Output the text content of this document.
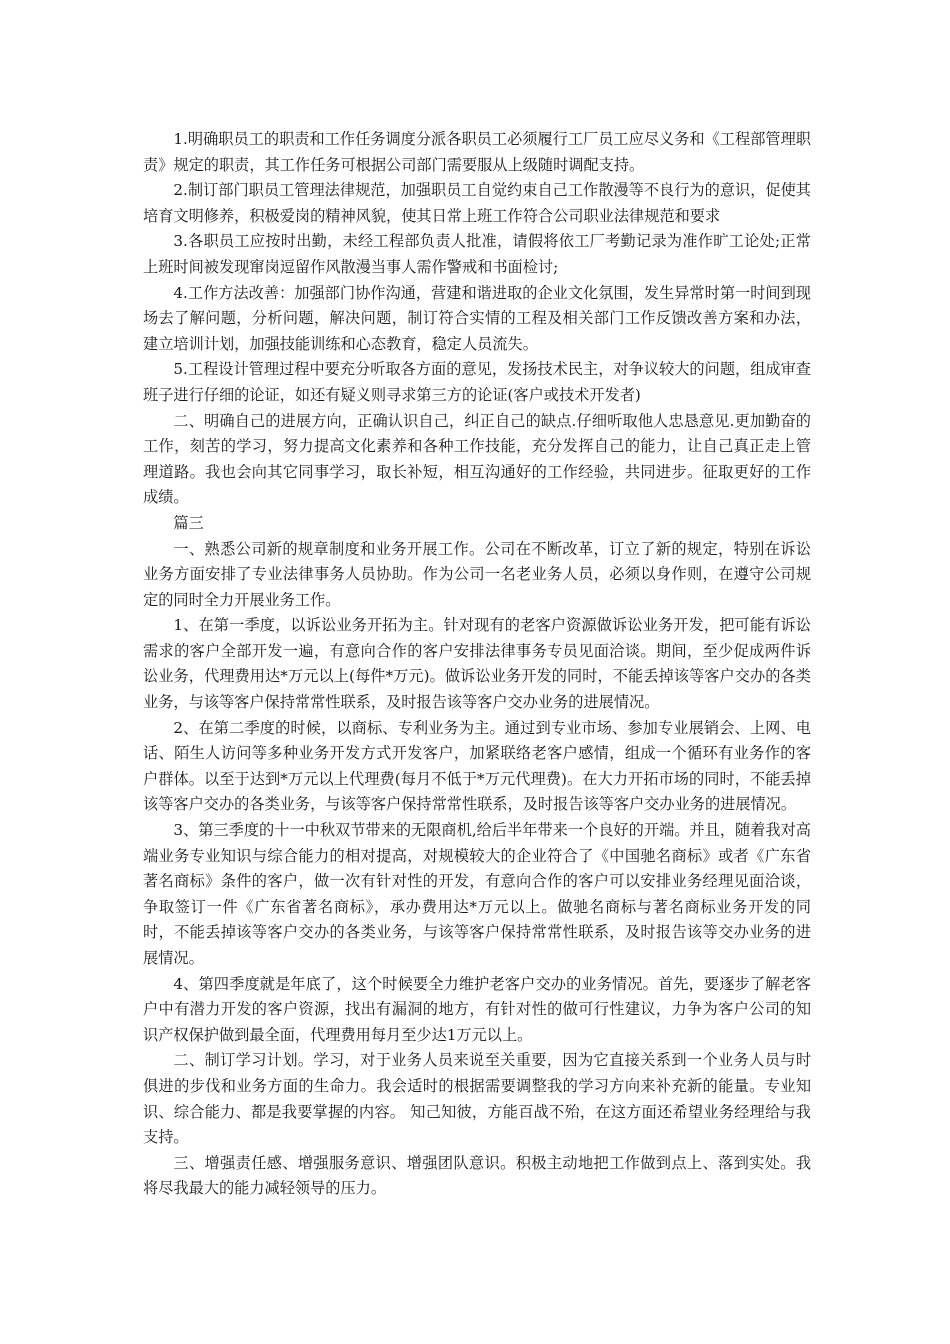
1.明确职员工的职责和工作任务调度分派各职员工必须履行工厂员工应尽义务和《工程部管理职责》规定的职责，其工作任务可根据公司部门需要服从上级随时调配支持。

2.制订部门职员工管理法律规范，加强职员工自觉约束自己工作散漫等不良行为的意识，促使其培育文明修养，积极爱岗的精神风貌，使其日常上班工作符合公司职业法律规范和要求

3.各职员工应按时出勤，未经工程部负责人批准，请假将依工厂考勤记录为准作旷工论处;正常上班时间被发现窜岗逗留作风散漫当事人需作警戒和书面检讨;

4.工作方法改善：加强部门协作沟通，营建和谐进取的企业文化氛围，发生异常时第一时间到现场去了解问题，分析问题，解决问题，制订符合实情的工程及相关部门工作反馈改善方案和办法，建立培训计划，加强技能训练和心态教育，稳定人员流失。

5.工程设计管理过程中要充分听取各方面的意见，发扬技术民主，对争议较大的问题，组成审查班子进行仔细的论证，如还有疑义则寻求第三方的论证(客户或技术开发者)

二、明确自己的进展方向，正确认识自己，纠正自己的缺点.仔细听取他人忠恳意见.更加勤奋的工作，刻苦的学习，努力提高文化素养和各种工作技能，充分发挥自己的能力，让自己真正走上管理道路。我也会向其它同事学习，取长补短，相互沟通好的工作经验，共同进步。征取更好的工作成绩。

篇三

一、熟悉公司新的规章制度和业务开展工作。公司在不断改革，订立了新的规定，特别在诉讼业务方面安排了专业法律事务人员协助。作为公司一名老业务人员，必须以身作则，在遵守公司规定的同时全力开展业务工作。

1、在第一季度，以诉讼业务开拓为主。针对现有的老客户资源做诉讼业务开发，把可能有诉讼需求的客户全部开发一遍，有意向合作的客户安排法律事务专员见面洽谈。期间，至少促成两件诉讼业务，代理费用达*万元以上(每件*万元)。做诉讼业务开发的同时，不能丢掉该等客户交办的各类业务，与该等客户保持常常性联系，及时报告该等客户交办业务的进展情况。

2、在第二季度的时候，以商标、专利业务为主。通过到专业市场、参加专业展销会、上网、电话、陌生人访问等多种业务开发方式开发客户，加紧联络老客户感情，组成一个循环有业务作的客户群体。以至于达到*万元以上代理费(每月不低于*万元代理费)。在大力开拓市场的同时，不能丢掉该等客户交办的各类业务，与该等客户保持常常性联系，及时报告该等客户交办业务的进展情况。

3、第三季度的十一中秋双节带来的无限商机,给后半年带来一个良好的开端。并且，随着我对高端业务专业知识与综合能力的相对提高，对规模较大的企业符合了《中国驰名商标》或者《广东省著名商标》条件的客户，做一次有针对性的开发，有意向合作的客户可以安排业务经理见面洽谈，争取签订一件《广东省著名商标》，承办费用达*万元以上。做驰名商标与著名商标业务开发的同时，不能丢掉该等客户交办的各类业务，与该等客户保持常常性联系，及时报告该等交办业务的进展情况。

4、第四季度就是年底了，这个时候要全力维护老客户交办的业务情况。首先，要逐步了解老客户中有潜力开发的客户资源，找出有漏洞的地方，有针对性的做可行性建议，力争为客户公司的知识产权保护做到最全面，代理费用每月至少达1万元以上。

二、制订学习计划。学习，对于业务人员来说至关重要，因为它直接关系到一个业务人员与时俱进的步伐和业务方面的生命力。我会适时的根据需要调整我的学习方向来补充新的能量。专业知识、综合能力、都是我要掌握的内容。 知己知彼，方能百战不殆，在这方面还希望业务经理给与我支持。

三、增强责任感、增强服务意识、增强团队意识。积极主动地把工作做到点上、落到实处。我将尽我最大的能力减轻领导的压力。
